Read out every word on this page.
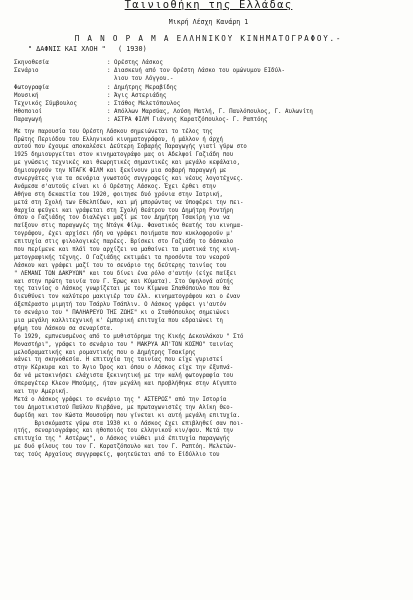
Ταινιοθήκη της Ελλάδας
Μικρή Λέσχη Κανάρη 1
Π Α Ν Ο Ρ Α Μ Α ΕΛΛΗΝΙΚΟΥ ΚΙΝΗΜΑΤΟΓΡΑΦΟΥ.-
" ΔΑΦΝΙΣ ΚΑΙ ΧΛΟΗ "   ( 1930)
Σκηνοθεσία	: Ορέστης Λάσκος
Σενάριο	: Διασκευή από τον Ορέστη Λάσκο του ομώνυμου ΕΙδύλ-
λιου του Λόγγου.-
Φωτογραφία	: Δημήτρης Μεραβίδης
Μουσική	: Άγις Αστεριάδης
Τεχνικός Σύμβουλος	: Στάθος Μελετόπουλος
Ηθοποιοί	: Απόλλων Μαρσύας, Λούση Ματλή, Γ. Παυλόπουλος, Γ. Αυλωνίτη
Παραγωγή	: ΑΣΤΡΑ ΦΙΛΜ Γιάννης Καρατζόπουλος- Γ. Ραπτόης
Με την παρουσία του Ορέστη Λάσκου σημειώνεται το τέλος της
Πρώτης Περιόδου του Ελληνικού κινηματογράφου, ή μάλλον ή άρχή
αυτού που έχουμε αποκαλέσει Δεύτερη Σοβαρής Παραγωγής γιατί γύρω στο
1925 δημιουργείται στον κινηματογράφο μας οι Αδελφοί Γαζιάδη που
με γνώσεις τεχνικές και θεωρητικές σημαντικές και μεγάλο κεφάλαιο,
δημιουργούν την ΝΤΑΓΚ ΦΙΛΜ και ξεκίνουν μια σοβαρή παραγωγή με
συνεργάτες για τα σενάρια γνωστούς συγγραφείς και νέους λογοτέχνες.
Ανάμεσα σ'αυτούς είναι κι ό Ορέστης Λάσκος. Έχει έρθει στην
Αθήνα στη δεκαετία του 1920, φοιτησε δυό χρόνια στην Ιατρική,
μετά στη Σχολή των Εθελπίδων, και μή μπορώντας να ύποφέρει την πει-
θαρχία φεύγει και γράφεται στη Σχολή Θεάτρου του Δημήτρη Ροντήρη
όπου ο Γαζιάδης τον διαλέγει μαζί με τον Δημήτρη Τσακίρη για να
παίξουν στις παραγωγές της Ντάγκ Φίλμ. Φανατικός θεατής του κινημα-
τογράφου, έχει αρχίσει ήδη να γράφει ποιήματα που κυκλοφορούν μ'
επιτυχία στις φιλολογικές παρέες. Βρίσκει στο Γαζιάδη το δάσκαλο
που περίμενε και πλάϊ του αρχίζει να μαθαίνει τα μυστικά της κινη-
ματογραφικής τέχνης. Ο Γαζιάδης εκτιμάει τα προσόντα του νεαρού
Λάσκου και γράφει μαζί του το σενάριο της δεύτερης ταινίας του
" ΛΕΜΑΝΙ ΤΩΝ ΔΑΚΡΥΩΝ" και του δίνει ένα ρόλο σ'αυτήν (είχε παίξει
και στην πρώτη ταινία του Γ. Έρως και Κύματα). Στο ύψηλογά αύτής
της ταινίας ο Λάσκος γνωρίζεται με τον Κίμωνα Σπαθόπουλο που θα
διευθύνει τον καλύτερο μακιγιέρ του έλλ. κινηματογράφου και ο έναν
άξεπέραστο μιμητή του Τσάρλυ Τσάπλιν. Ο Λάσκος γράφει γι'αυτόν
το σενάριο του " ΠΑΛΗΑΡΕΥΟ ΤΗΣ ΖΩΗΣ" κι ο Σταθόπουλος σημειώνει
μια μεγάλη καλλιτεχνική κ' έμπορική επιτυχία που εδραιώνει τη
φήμη του Λάσκου σα σεναρίστα.
Το 1929, εμπνευσμένος από το μυθιστόρημα της Κικής Δεκουλάκου " Στό
Μοναστήρι", γράφει το σενάριο του " ΜΑΚΡΥΑ ΑΠ'ΤΟΝ ΚΟΣΜΟ" ταινίας
μελοδραματικής και ρομαντικής που ο Δημήτρης Τσακίρης
κάνει τη σκηνοθεσία. Η επιτυχία της ταινίας που είχε γυριστεί
στην Κέρκυρα και το Άγιο Όρος και όπου ο Λάσκος είχε την έξυπνά-
δα νά μετακινήσει ελάχιστα ξεκινητική με την καλή φωτογραφία του
όπεραγέτερ Κλεον Μπούμης, ήταν μεγάλη και προβλήθηκε στην Αίγυπτο
και την Αμερική.
Μετά ο Λάσκος γράφει το σενάριο της " ΑΣΤΕΡΩΣ" από την Ιστορία
του Δημοτικιστού Παύλου Νιρβάνα, με πρωταγωνιστές την Αλίκη Θεο-
δωρίδη και τον Κώστα Μουσούρη που γίνεται κι αυτή μεγάλη επιτυχία.
Βρισκόμαστε γύρω στα 1930 κι ο Λάσκος έχει επιβληθεί σαν ποι-
ητής, σεναριογράφος και ηθοποιός του ελληνικού κιν/φου. Μετά την
επιτυχία της " Αστέρως", ο Λάσκος νιώθει μιά έπιτυχία παραγωγής
με δυό φίλους του τον Γ. Καρατζόπουλο και τον Γ. Ραπτόη. Μελετών-
τας τούς Αρχαίους συγγραφείς, φοητεύεται από το Είδύλλιο του
